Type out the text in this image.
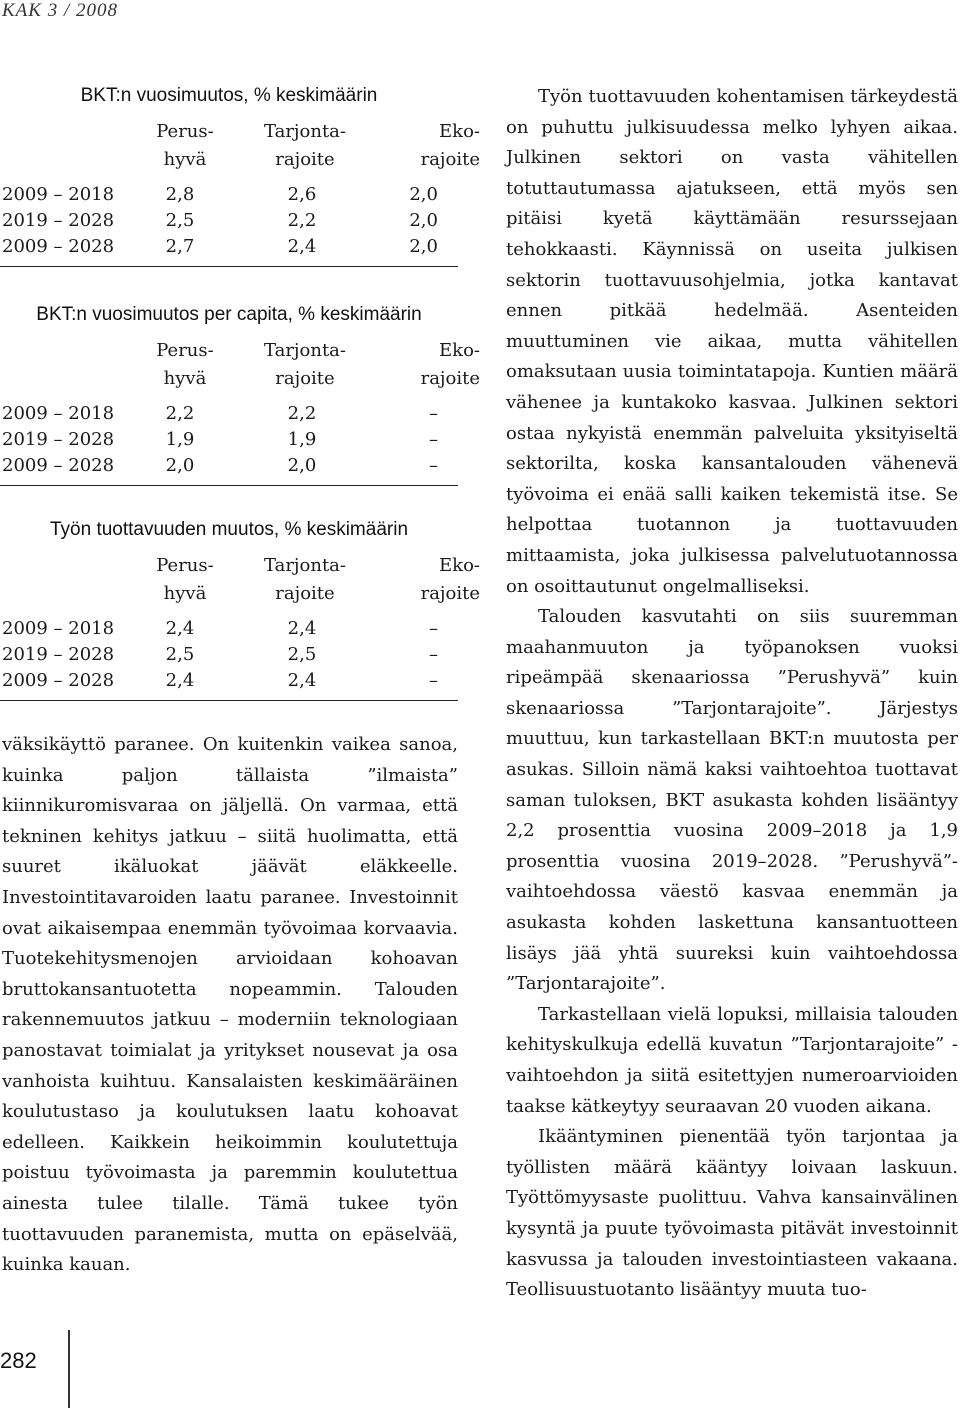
KAK 3 / 2008
BKT:n vuosimuutos, % keskimäärin
Perus-
hyvä
Tarjonta-
rajoite
Eko-
rajoite
2009 – 2018	2,8	2,6	2,0
2019 – 2028	2,5	2,2	2,0
2009 – 2028	2,7	2,4	2,0
BKT:n vuosimuutos per capita, % keskimäärin
Perus-
hyvä
Tarjonta-
rajoite
Eko-
rajoite
2009 – 2018	2,2	2,2	–
2019 – 2028	1,9	1,9	–
2009 – 2028	2,0	2,0	–
Työn tuottavuuden muutos, % keskimäärin
Perus-
hyvä
Tarjonta-
rajoite
Eko-
rajoite
2009 – 2018	2,4	2,4	–
2019 – 2028	2,5	2,5	–
2009 – 2028	2,4	2,4	–

väksikäyttö paranee. On kuitenkin vaikea sanoa, kuinka paljon tällaista ”ilmaista” kiinnikuromisvaraa on jäljellä. On varmaa, että tekninen kehitys jatkuu – siitä huolimatta, että suuret ikäluokat jäävät eläkkeelle. Investointitavaroiden laatu paranee. Investoinnit ovat aikaisempaa enemmän työvoimaa korvaavia. Tuotekehitysmenojen arvioidaan kohoavan bruttokansantuotetta nopeammin. Talouden rakennemuutos jatkuu – moderniin teknologiaan panostavat toimialat ja yritykset nousevat ja osa vanhoista kuihtuu. Kansalaisten keskimääräinen koulutustaso ja koulutuksen laatu kohoavat edelleen. Kaikkein heikoimmin koulutettuja poistuu työvoimasta ja paremmin koulutettua ainesta tulee tilalle. Tämä tukee työn tuottavuuden paranemista, mutta on epäselvää, kuinka kauan.

Työn tuottavuuden kohentamisen tärkeydestä on puhuttu julkisuudessa melko lyhyen aikaa. Julkinen sektori on vasta vähitellen totuttautumassa ajatukseen, että myös sen pitäisi kyetä käyttämään resurssejaan tehokkaasti. Käynnissä on useita julkisen sektorin tuottavuusohjelmia, jotka kantavat ennen pitkää hedelmää. Asenteiden muuttuminen vie aikaa, mutta vähitellen omaksutaan uusia toimintatapoja. Kuntien määrä vähenee ja kuntakoko kasvaa. Julkinen sektori ostaa nykyistä enemmän palveluita yksityiseltä sektorilta, koska kansantalouden vähenevä työvoima ei enää salli kaiken tekemistä itse. Se helpottaa tuotannon ja tuottavuuden mittaamista, joka julkisessa palvelutuotannossa on osoittautunut ongelmalliseksi.

Talouden kasvutahti on siis suuremman maahanmuuton ja työpanoksen vuoksi ripeämpää skenaariossa ”Perushyvä” kuin skenaariossa ”Tarjontarajoite”. Järjestys muuttuu, kun tarkastellaan BKT:n muutosta per asukas. Silloin nämä kaksi vaihtoehtoa tuottavat saman tuloksen, BKT asukasta kohden lisääntyy 2,2 prosenttia vuosina 2009–2018 ja 1,9 prosenttia vuosina 2019–2028. ”Perushyvä”-vaihtoehdossa väestö kasvaa enemmän ja asukasta kohden laskettuna kansantuotteen lisäys jää yhtä suureksi kuin vaihtoehdossa ”Tarjontarajoite”.

Tarkastellaan vielä lopuksi, millaisia talouden kehityskulkuja edellä kuvatun ”Tarjontarajoite” -vaihtoehdon ja siitä esitettyjen numeroarvioiden taakse kätkeytyy seuraavan 20 vuoden aikana.

Ikääntyminen pienentää työn tarjontaa ja työllisten määrä kääntyy loivaan laskuun. Työttömyysaste puolittuu. Vahva kansainvälinen kysyntä ja puute työvoimasta pitävät investoinnit kasvussa ja talouden investointiasteen vakaana. Teollisuustuotanto lisääntyy muuta tuo-

282
